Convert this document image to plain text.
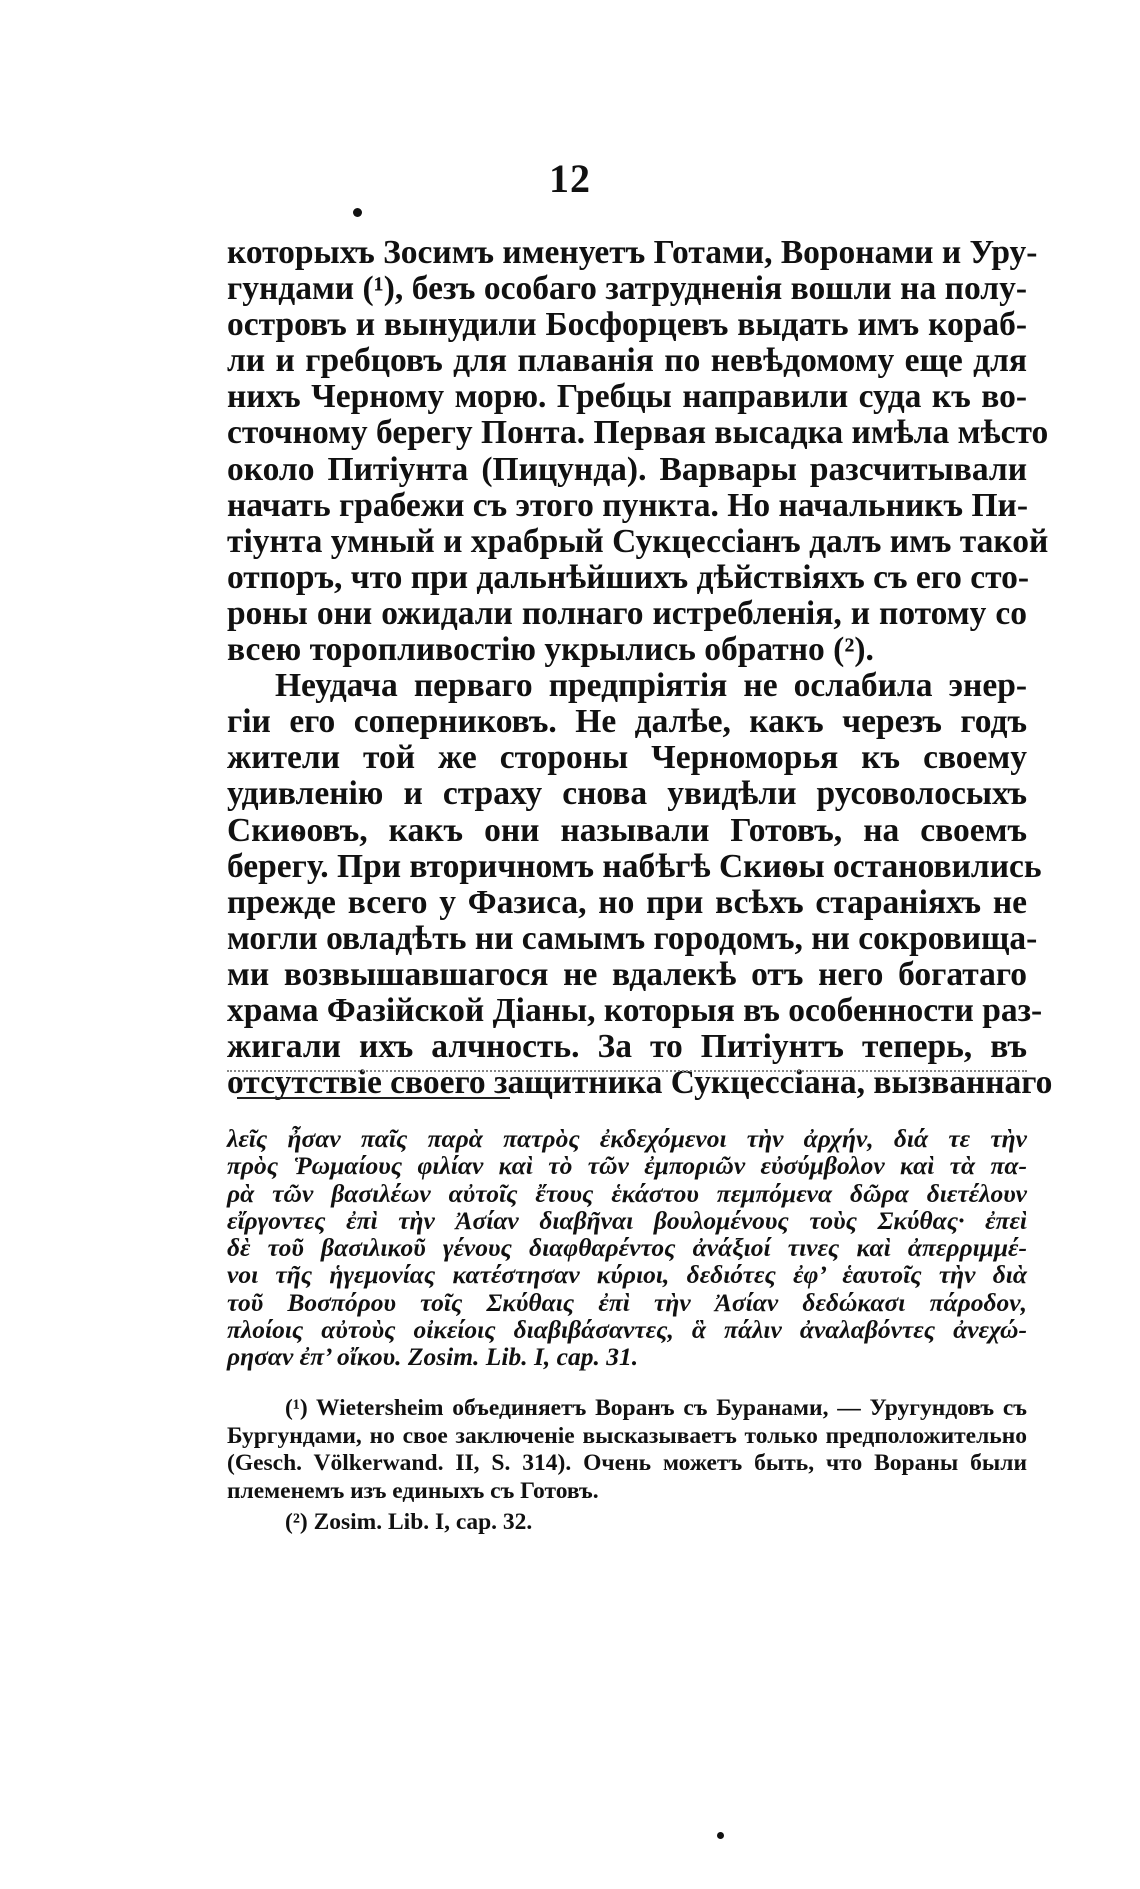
12
которыхъ Зосимъ именуетъ Готами, Воронами и Уру-
гундами (¹), безъ особаго затрудненія вошли на полу-
островъ и вынудили Босфорцевъ выдать имъ кораб-
ли и гребцовъ для плаванія по невѣдомому еще для
нихъ Черному морю. Гребцы направили суда къ во-
сточному берегу Понта. Первая высадка имѣла мѣсто
около Питіунта (Пицунда). Варвары разсчитывали
начать грабежи съ этого пункта. Но начальникъ Пи-
тіунта умный и храбрый Сукцессіанъ далъ имъ такой
отпоръ, что при дальнѣйшихъ дѣйствіяхъ съ его сто-
роны они ожидали полнаго истребленія, и потому со
всею торопливостію укрылись обратно (²).
Неудача перваго предпріятія не ослабила энер-
гіи его соперниковъ. Не далѣе, какъ черезъ годъ
жители той же стороны Черноморья къ своему
удивленію и страху снова увидѣли русоволосыхъ
Скиѳовъ, какъ они называли Готовъ, на своемъ
берегу. При вторичномъ набѣгѣ Скиѳы остановились
прежде всего у Фазиса, но при всѣхъ стараніяхъ не
могли овладѣть ни самымъ городомъ, ни сокровища-
ми возвышавшагося не вдалекѣ отъ него богатаго
храма Фазійской Діаны, которыя въ особенности раз-
жигали ихъ алчность. За то Питіунтъ теперь, въ
отсутствіе своего защитника Сукцессіана, вызваннаго
λεῖς ἦσαν παῖς παρὰ πατρὸς ἐκδεχόμενοι τὴν ἀρχήν, διά τε τὴν
πρὸς Ῥωμαίους φιλίαν καὶ τὸ τῶν ἐμποριῶν εὐσύμβολον καὶ τὰ πα-
ρὰ τῶν βασιλέων αὐτοῖς ἔτους ἑκάστου πεμπόμενα δῶρα διετέλουν
εἴργοντες ἐπὶ τὴν Ἀσίαν διαβῆναι βουλομένους τοὺς Σκύθας· ἐπεὶ
δὲ τοῦ βασιλικοῦ γένους διαφθαρέντος ἀνάξιοί τινες καὶ ἀπερριμμέ-
νοι τῆς ἡγεμονίας κατέστησαν κύριοι, δεδιότες ἐφ’ ἑαυτοῖς τὴν διὰ
τοῦ Βοσπόρου τοῖς Σκύθαις ἐπὶ τὴν Ἀσίαν δεδώκασι πάροδον,
πλοίοις αὐτοὺς οἰκείοις διαβιβάσαντες, ἃ πάλιν ἀναλαβόντες ἀνεχώ-
ρησαν ἐπ’ οἴκου. Zosim. Lib. I, cap. 31.
(¹) Wietersheim объединяетъ Воранъ съ Буранами, — Уругундовъ съ
Бургундами, но свое заключеніе высказываетъ только предположительно
(Gesch. Völkerwand. II, S. 314). Очень можетъ быть, что Вораны были
племенемъ изъ единыхъ съ Готовъ.
(²) Zosim. Lib. I, cap. 32.
